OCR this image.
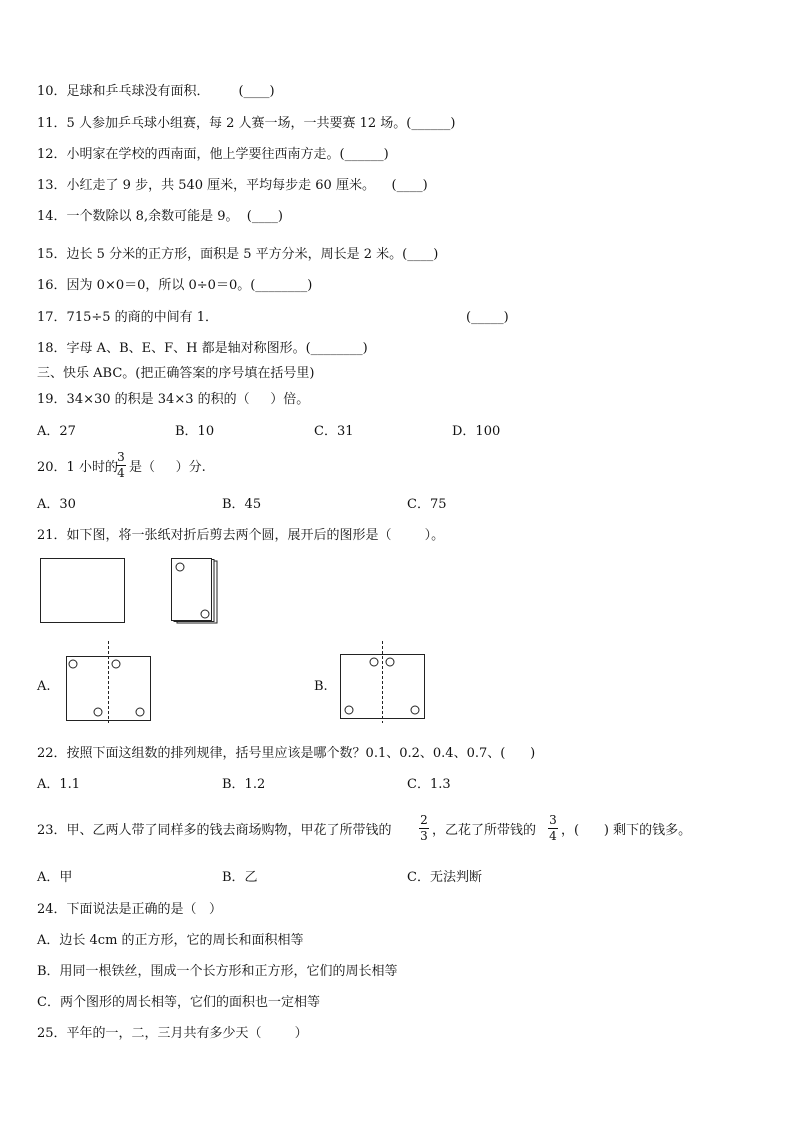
10．足球和乒乓球没有面积．       (____)
11．5 人参加乒乓球小组赛，每 2 人赛一场，一共要赛 12 场。(______)
12．小明家在学校的西南面，他上学要往西南方走。(______)
13．小红走了 9 步，共 540 厘米，平均每步走 60 厘米。    (____)
14．一个数除以 8,余数可能是 9。  (____)
15．边长 5 分米的正方形，面积是 5 平方分米，周长是 2 米。(____)
16．因为 0×0＝0，所以 0÷0＝0。(________)
17．715÷5 的商的中间有 1．	(_____)
18．字母 A、B、E、F、H 都是轴对称图形。(________)
三、快乐 ABC。(把正确答案的序号填在括号里)
19．34×30 的积是 34×3 的积的（     ）倍。
A．27	B．10	C．31	D．100
20．1 小时的
3
4 是（     ）分.
A．30	B．45	C．75
21．如下图，将一张纸对折后剪去两个圆，展开后的图形是（        ）。
A.	B.
22．按照下面这组数的排列规律，括号里应该是哪个数？0.1、0.2、0.4、0.7、(      )
A．1.1	B．1.2	C．1.3
23．甲、乙两人带了同样多的钱去商场购物，甲花了所带钱的
2
3 ，乙花了所带钱的
3
4 ，(      ) 剩下的钱多。
A．甲	B．乙	C．无法判断
24．下面说法是正确的是（   ）
A．边长 4cm 的正方形，它的周长和面积相等
B．用同一根铁丝，围成一个长方形和正方形，它们的周长相等
C．两个图形的周长相等，它们的面积也一定相等
25．平年的一，二，三月共有多少天（        ）
